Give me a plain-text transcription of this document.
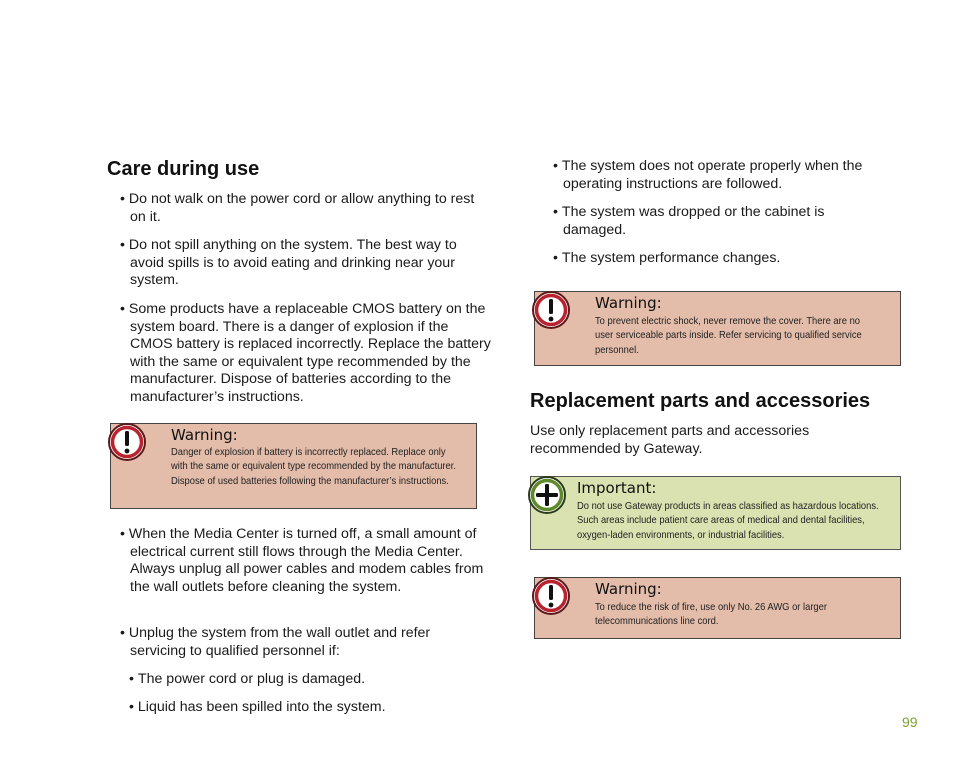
Care during use
• Do not walk on the power cord or allow anything to rest on it.
• Do not spill anything on the system. The best way to avoid spills is to avoid eating and drinking near your system.
• Some products have a replaceable CMOS battery on the system board. There is a danger of explosion if the CMOS battery is replaced incorrectly. Replace the battery with the same or equivalent type recommended by the manufacturer. Dispose of batteries according to the manufacturer’s instructions.
Warning:
Danger of explosion if battery is incorrectly replaced. Replace only with the same or equivalent type recommended by the manufacturer. Dispose of used batteries following the manufacturer’s instructions.
• When the Media Center is turned off, a small amount of electrical current still flows through the Media Center. Always unplug all power cables and modem cables from the wall outlets before cleaning the system.
• Unplug the system from the wall outlet and refer servicing to qualified personnel if:
• The power cord or plug is damaged.
• Liquid has been spilled into the system.
• The system does not operate properly when the operating instructions are followed.
• The system was dropped or the cabinet is damaged.
• The system performance changes.
Warning:
To prevent electric shock, never remove the cover. There are no user serviceable parts inside. Refer servicing to qualified service personnel.
Replacement parts and accessories
Use only replacement parts and accessories recommended by Gateway.
Important:
Do not use Gateway products in areas classified as hazardous locations. Such areas include patient care areas of medical and dental facilities, oxygen-laden environments, or industrial facilities.
Warning:
To reduce the risk of fire, use only No. 26 AWG or larger telecommunications line cord.
99
